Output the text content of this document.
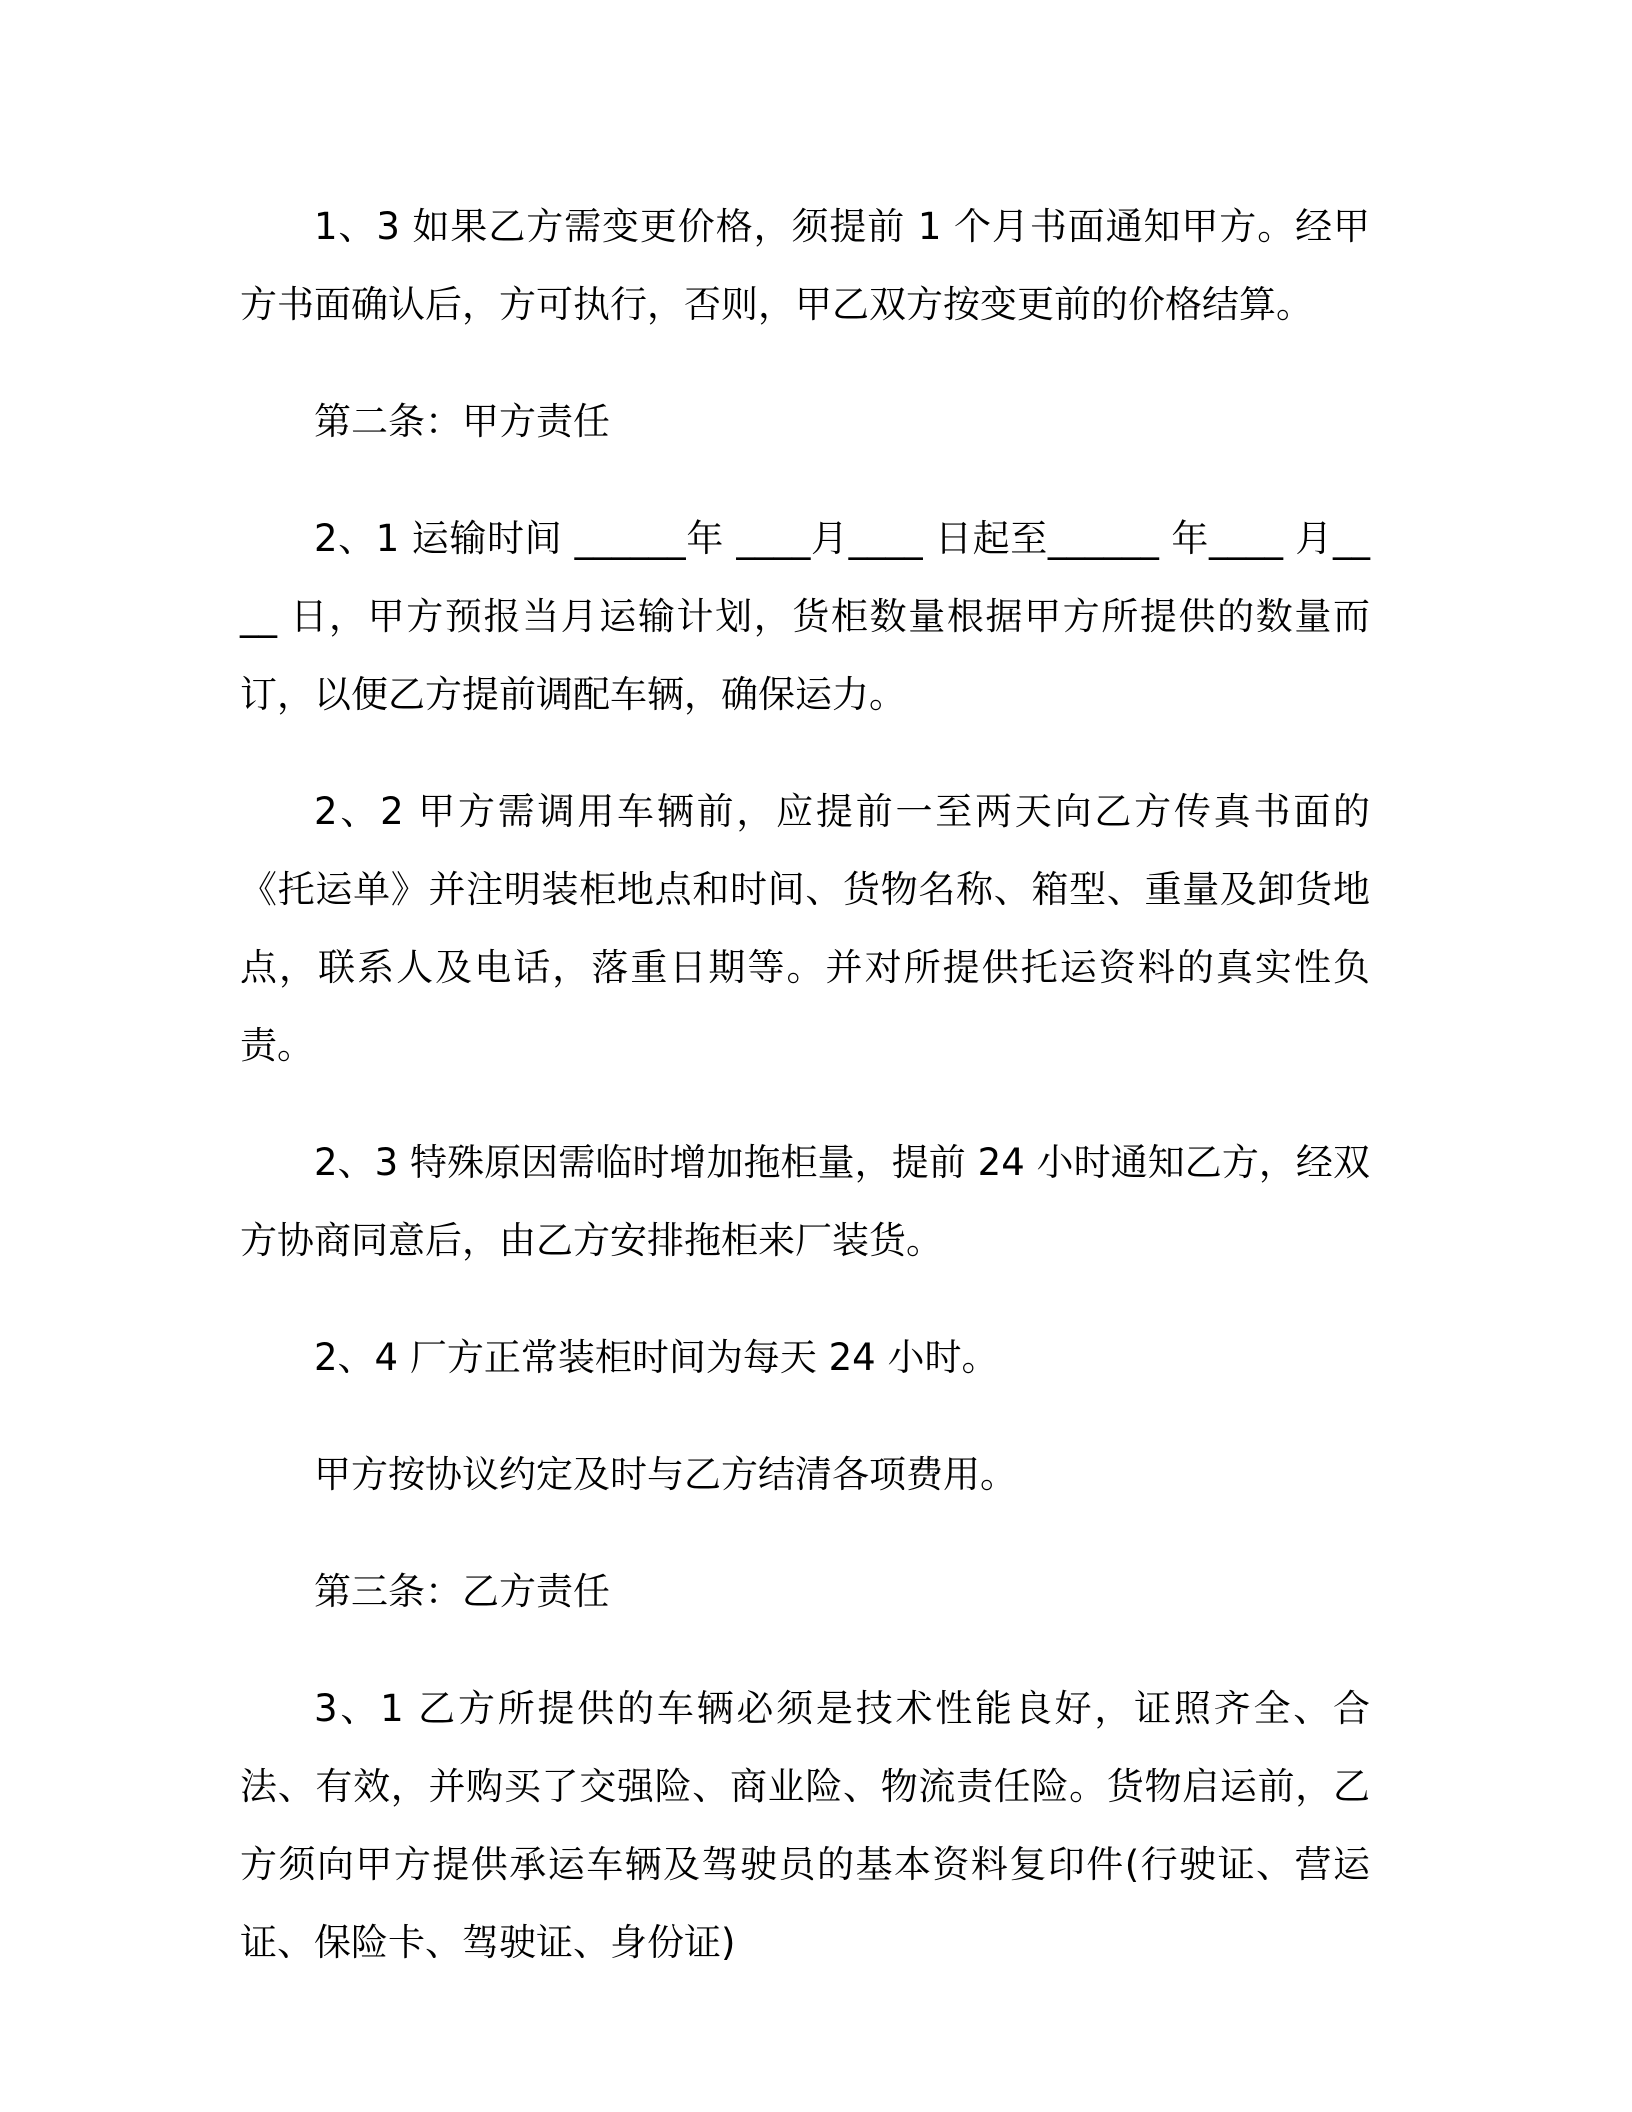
1、3 如果乙方需变更价格，须提前 1 个月书面通知甲方。经甲方书面确认后，方可执行，否则，甲乙双方按变更前的价格结算。

第二条：甲方责任

2、1 运输时间 ______年 ____月____ 日起至______ 年____ 月____ 日，甲方预报当月运输计划，货柜数量根据甲方所提供的数量而订，以便乙方提前调配车辆，确保运力。

2、2 甲方需调用车辆前，应提前一至两天向乙方传真书面的《托运单》并注明装柜地点和时间、货物名称、箱型、重量及卸货地点，联系人及电话，落重日期等。并对所提供托运资料的真实性负责。

2、3 特殊原因需临时增加拖柜量，提前 24 小时通知乙方，经双方协商同意后，由乙方安排拖柜来厂装货。

2、4 厂方正常装柜时间为每天 24 小时。

甲方按协议约定及时与乙方结清各项费用。

第三条：乙方责任

3、1 乙方所提供的车辆必须是技术性能良好，证照齐全、合法、有效，并购买了交强险、商业险、物流责任险。货物启运前，乙方须向甲方提供承运车辆及驾驶员的基本资料复印件(行驶证、营运证、保险卡、驾驶证、身份证)
